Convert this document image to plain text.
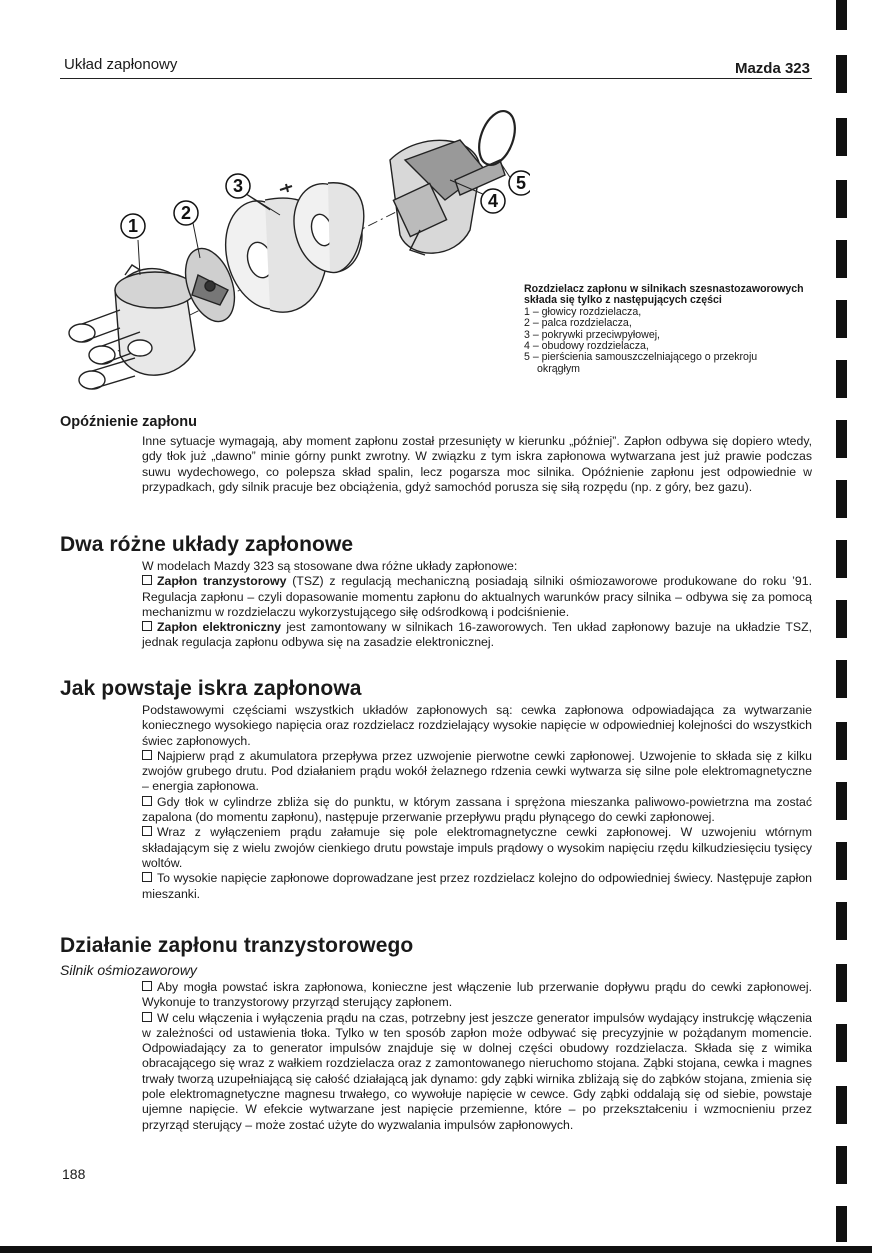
Układ zapłonowy	Mazda 323
1
2
3
4
5
Rozdzielacz zapłonu w silnikach szesnastozaworowych składa się tylko z następujących części
1 – głowicy rozdzielacza,
2 – palca rozdzielacza,
3 – pokrywki przeciwpyłowej,
4 – obudowy rozdzielacza,
5 – pierścienia samouszczelniającego o przekroju
okrągłym
Opóźnienie zapłonu

Inne sytuacje wymagają, aby moment zapłonu został przesunięty w kierunku „później”. Zapłon odbywa się dopiero wtedy, gdy tłok już „dawno” minie górny punkt zwrotny. W związku z tym iskra zapłonowa wytwarzana jest już prawie podczas suwu wydechowego, co polepsza skład spalin, lecz pogarsza moc silnika. Opóźnienie zapłonu jest odpowiednie w przypadkach, gdy silnik pracuje bez obciążenia, gdyż samochód porusza się siłą rozpędu (np. z góry, bez gazu).

Dwa różne układy zapłonowe

W modelach Mazdy 323 są stosowane dwa różne układy zapłonowe:

Zapłon tranzystorowy (TSZ) z regulacją mechaniczną posiadają silniki ośmiozaworowe produkowane do roku ’91. Regulacja zapłonu – czyli dopasowanie momentu zapłonu do aktualnych warunków pracy silnika – odbywa się za pomocą mechanizmu w rozdzielaczu wykorzystującego siłę odśrodkową i podciśnienie.

Zapłon elektroniczny jest zamontowany w silnikach 16-zaworowych. Ten układ zapłonowy bazuje na układzie TSZ, jednak regulacja zapłonu odbywa się na zasadzie elektronicznej.

Jak powstaje iskra zapłonowa

Podstawowymi częściami wszystkich układów zapłonowych są: cewka zapłonowa odpowiadająca za wytwarzanie koniecznego wysokiego napięcia oraz rozdzielacz rozdzielający wysokie napięcie w odpowiedniej kolejności do wszystkich świec zapłonowych.

Najpierw prąd z akumulatora przepływa przez uzwojenie pierwotne cewki zapłonowej. Uzwojenie to składa się z kilku zwojów grubego drutu. Pod działaniem prądu wokół żelaznego rdzenia cewki wytwarza się silne pole elektromagnetyczne – energia zapłonowa.

Gdy tłok w cylindrze zbliża się do punktu, w którym zassana i sprężona mieszanka paliwowo-powietrzna ma zostać zapalona (do momentu zapłonu), następuje przerwanie przepływu prądu płynącego do cewki zapłonowej.

Wraz z wyłączeniem prądu załamuje się pole elektromagnetyczne cewki zapłonowej. W uzwojeniu wtórnym składającym się z wielu zwojów cienkiego drutu powstaje impuls prądowy o wysokim napięciu rzędu kilkudziesięciu tysięcy woltów.

To wysokie napięcie zapłonowe doprowadzane jest przez rozdzielacz kolejno do odpowiedniej świecy. Następuje zapłon mieszanki.

Działanie zapłonu tranzystorowego
Silnik ośmiozaworowy

Aby mogła powstać iskra zapłonowa, konieczne jest włączenie lub przerwanie dopływu prądu do cewki zapłonowej. Wykonuje to tranzystorowy przyrząd sterujący zapłonem.

W celu włączenia i wyłączenia prądu na czas, potrzebny jest jeszcze generator impulsów wydający instrukcję włączenia w zależności od ustawienia tłoka. Tylko w ten sposób zapłon może odbywać się precyzyjnie w pożądanym momencie. Odpowiadający za to generator impulsów znajduje się w dolnej części obudowy rozdzielacza. Składa się z wimika obracającego się wraz z wałkiem rozdzielacza oraz z zamontowanego nieruchomo stojana. Ząbki stojana, cewka i magnes trwały tworzą uzupełniającą się całość działającą jak dynamo: gdy ząbki wirnika zbliżają się do ząbków stojana, zmienia się pole elektromagnetyczne magnesu trwałego, co wywołuje napięcie w cewce. Gdy ząbki oddalają się od siebie, powstaje ujemne napięcie. W efekcie wytwarzane jest napięcie przemienne, które – po przekształceniu i wzmocnieniu przez przyrząd sterujący – może zostać użyte do wyzwalania impulsów zapłonowych.

188
